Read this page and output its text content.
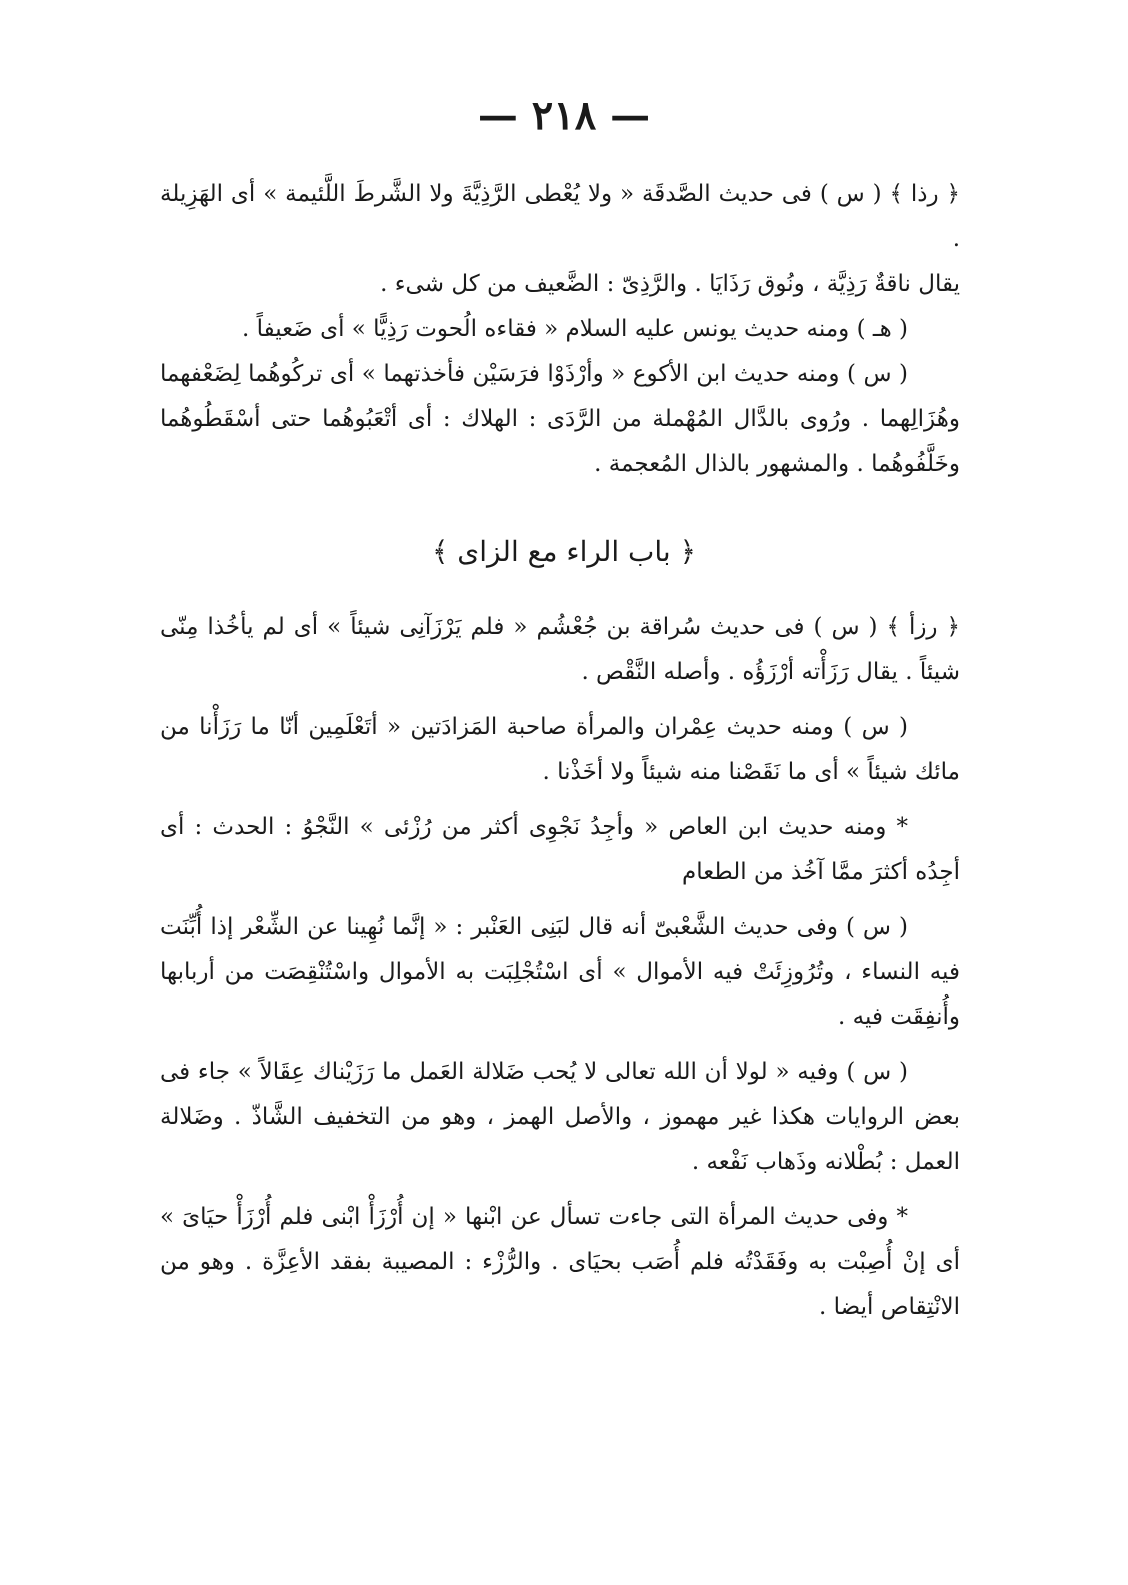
— ٢١٨ —

﴿ رذا ﴾ ( س ) فى حديث الصَّدقَة « ولا يُعْطى الرَّذِيَّةَ ولا الشَّرطَ اللَّئيمة » أى الهَزِيلة .

يقال ناقةٌ رَذِيَّة ، ونُوق رَذَايَا . والرَّذِىّ : الضَّعيف من كل شىء .

( هـ ) ومنه حديث يونس عليه السلام « فقاءه الُحوت رَذِيًّا » أى ضَعيفاً .

( س ) ومنه حديث ابن الأكوع « وأرْذَوْا فرَسَيْن فأخذتهما » أى تركُوهُما لِضَعْفهما وهُزَالِهما . ورُوى بالدَّال المُهْملة من الرَّدَى : الهلاك : أى أتْعَبُوهُما حتى أسْقَطُوهُما وخَلَّفُوهُما . والمشهور بالذال المُعجمة .

﴿ باب الراء مع الزاى ﴾

﴿ رزأ ﴾ ( س ) فى حديث سُراقة بن جُعْشُم « فلم يَرْزَآنِى شيئاً » أى لم يأخُذا مِنّى شيئاً . يقال رَزَأْته أرْزَؤُه . وأصله النَّقْص .

( س ) ومنه حديث عِمْران والمرأة صاحبة المَزادَتين « أتَعْلَمِين أنّا ما رَزَأْنا من مائك شيئاً » أى ما نَقَصْنا منه شيئاً ولا أخَذْنا .

* ومنه حديث ابن العاص « وأجِدُ نَجْوِى أكثر من رُزْئى » النَّجْوُ : الحدث : أى أجِدُه أكثرَ ممَّا آخُذ من الطعام

( س ) وفى حديث الشَّعْبىّ أنه قال لبَنِى العَنْبر : « إنَّما نُهِينا عن الشِّعْر إذا أُبِّنَت فيه النساء ، وتُرُوزِئَتْ فيه الأموال » أى اسْتُجْلِبَت به الأموال واسْتُنْقِصَت من أربابها وأُنفِقَت فيه .

( س ) وفيه « لولا أن الله تعالى لا يُحب ضَلالة العَمل ما رَزَيْناك عِقَالاً » جاء فى بعض الروايات هكذا غير مهموز ، والأصل الهمز ، وهو من التخفيف الشَّاذّ . وضَلالة العمل : بُطْلانه وذَهاب نَفْعه .

* وفى حديث المرأة التى جاءت تسأل عن ابْنها « إن أُرْزَأْ ابْنى فلم أُرْزَأْ حيَاىَ » أى إنْ أُصِبْت به وفَقَدْتُه فلم أُصَب بحيَاى . والرُّزْء : المصيبة بفقد الأعِزَّة . وهو من الانْتِقاص أيضا .
